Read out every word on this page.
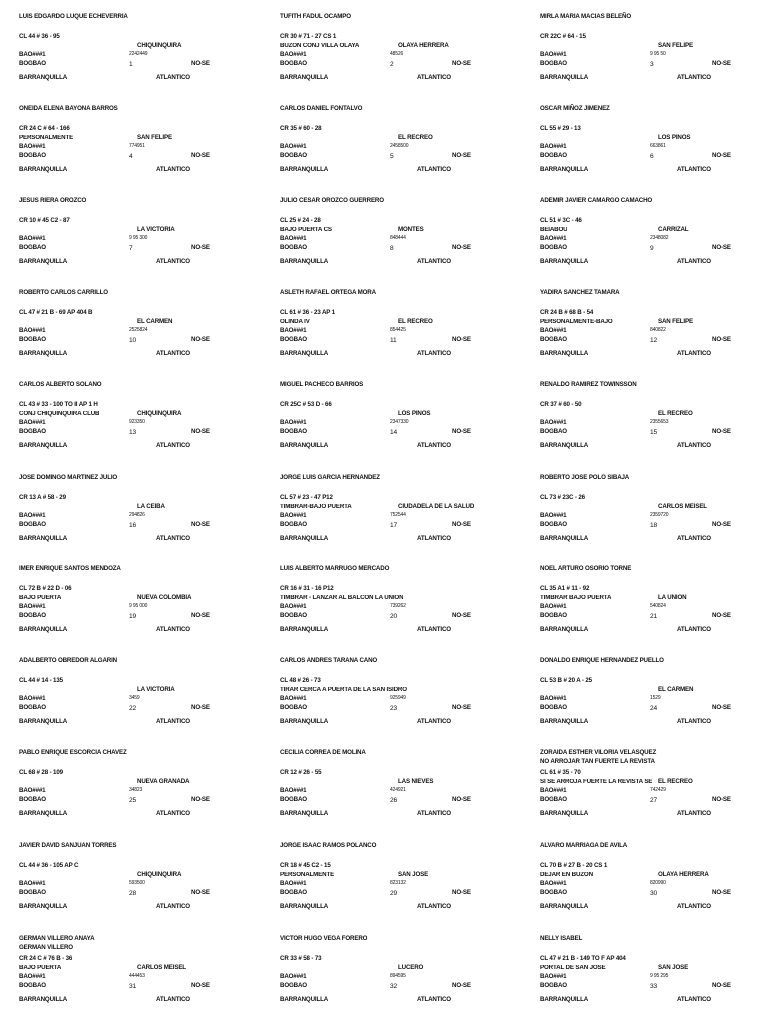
LUIS EDGARDO LUQUE ECHEVERRIA
CL 44 # 36 - 95
CHIQUINQUIRA
BAO###1	2242449
BOGBAO	1	NO-SE
BARRANQUILLA	ATLANTICO
TUFITH FADUL OCAMPO
CR 30 # 71 - 27 CS 1
BUZON CONJ VILLA OLAYA	OLAYA HERRERA
BAO###1	48526
BOGBAO	2	NO-SE
BARRANQUILLA	ATLANTICO
MIRLA MARIA MACIAS BELEÑO
CR 22C # 64 - 15
SAN FELIPE
BAO###1	9 95 50
BOGBAO	3	NO-SE
BARRANQUILLA	ATLANTICO
ONEIDA ELENA BAYONA BARROS
CR 24 C # 64 - 166
PERSONALMENTE	SAN FELIPE
BAO###1	774951
BOGBAO	4	NO-SE
BARRANQUILLA	ATLANTICO
CARLOS DANIEL FONTALVO
CR 35 # 60 - 28
EL RECREO
BAO###1	2458500
BOGBAO	5	NO-SE
BARRANQUILLA	ATLANTICO
OSCAR MIÑOZ JIMENEZ
CL 55 # 29 - 13
LOS PINOS
BAO###1	663861
BOGBAO	6	NO-SE
BARRANQUILLA	ATLANTICO
JESUS RIERA OROZCO
CR 10 # 45 C2 - 87
LA VICTORIA
BAO###1	9 95 300
BOGBAO	7	NO-SE
BARRANQUILLA	ATLANTICO
JULIO CESAR OROZCO GUERRERO
CL 25 # 24 - 28
BAJO PUERTA CS	MONTES
BAO###1	848444
BOGBAO	8	NO-SE
BARRANQUILLA	ATLANTICO
ADEMIR JAVIER CAMARGO CAMACHO
CL 51 # 3C - 46
BEIABOU	CARRIZAL
BAO###1	2348082
BOGBAO	9	NO-SE
BARRANQUILLA	ATLANTICO
ROBERTO CARLOS CARRILLO
CL 47 # 21 B - 69 AP 404 B
EL CARMEN
BAO###1	2525824
BOGBAO	10	NO-SE
BARRANQUILLA	ATLANTICO
ASLETH RAFAEL ORTEGA MORA
CL 61 # 36 - 23 AP 1
OLINDA IV	EL RECREO
BAO###1	854425
BOGBAO	11	NO-SE
BARRANQUILLA	ATLANTICO
YADIRA SANCHEZ TAMARA
CR 24 B # 68 B - 54
PERSONALMENTE-BAJO	SAN FELIPE
BAO###1	840822
BOGBAO	12	NO-SE
BARRANQUILLA	ATLANTICO
CARLOS ALBERTO SOLANO
CL 43 # 33 - 100 TO II AP 1 H
CONJ CHIQUINQUIRA CLUB	CHIQUINQUIRA
BAO###1	923350
BOGBAO	13	NO-SE
BARRANQUILLA	ATLANTICO
MIGUEL PACHECO BARRIOS
CR 25C # 53 D - 66
LOS PINOS
BAO###1	2347330
BOGBAO	14	NO-SE
BARRANQUILLA	ATLANTICO
RENALDO RAMIREZ TOWINSSON
CR 37 # 60 - 50
EL RECREO
BAO###1	2355653
BOGBAO	15	NO-SE
BARRANQUILLA	ATLANTICO
JOSE DOMINGO MARTINEZ JULIO
CR 13 A # 58 - 29
LA CEIBA
BAO###1	294826
BOGBAO	16	NO-SE
BARRANQUILLA	ATLANTICO
JORGE LUIS GARCIA HERNANDEZ
CL 57 # 23 - 47 P12
TIMBRAR-BAJO PUERTA	CIUDADELA DE LA SALUD
BAO###1	752544
BOGBAO	17	NO-SE
BARRANQUILLA	ATLANTICO
ROBERTO JOSE POLO SIBAJA
CL 73 # 23C - 26
CARLOS MEISEL
BAO###1	2359720
BOGBAO	18	NO-SE
BARRANQUILLA	ATLANTICO
IMER ENRIQUE SANTOS MENDOZA
CL 72 B # 22 D - 06
BAJO PUERTA	NUEVA COLOMBIA
BAO###1	9 95 000
BOGBAO	19	NO-SE
BARRANQUILLA	ATLANTICO
LUIS ALBERTO MARRUGO MERCADO
CR 16 # 31 - 16 P12
TIMBRAR - LANZAR AL BALCON LA UNION
BAO###1	739262
BOGBAO	20	NO-SE
BARRANQUILLA	ATLANTICO
NOEL ARTURO OSORIO TORNE
CL 35 A1 # 11 - 92
TIMBRAR BAJO PUERTA	LA UNION
BAO###1	540824
BOGBAO	21	NO-SE
BARRANQUILLA	ATLANTICO
ADALBERTO OBREDOR ALGARIN
CL 44 # 14 - 135
LA VICTORIA
BAO###1	3459
BOGBAO	22	NO-SE
BARRANQUILLA	ATLANTICO
CARLOS ANDRES TARANA CANO
CL 48 # 26 - 73
TIRAR CERCA A PUERTA DE LA SAN ISIDRO
BAO###1	925949
BOGBAO	23	NO-SE
BARRANQUILLA	ATLANTICO
DONALDO ENRIQUE HERNANDEZ PUELLO
CL 53 B # 20 A - 25
EL CARMEN
BAO###1	1529
BOGBAO	24	NO-SE
BARRANQUILLA	ATLANTICO
PABLO ENRIQUE ESCORCIA CHAVEZ
CL 68 # 28 - 109
NUEVA GRANADA
BAO###1	34823
BOGBAO	25	NO-SE
BARRANQUILLA	ATLANTICO
CECILIA CORREA DE MOLINA
CR 12 # 26 - 55
LAS NIEVES
BAO###1	424921
BOGBAO	26	NO-SE
BARRANQUILLA	ATLANTICO
ZORAIDA ESTHER VILORIA VELASQUEZ
NO ARROJAR TAN FUERTE LA REVISTA
CL 61 # 35 - 70
SI SE ARROJA FUERTE LA REVISTA SE EL RECREO
BAO###1	742429
BOGBAO	27	NO-SE
BARRANQUILLA	ATLANTICO
JAVIER DAVID SANJUAN TORRES
CL 44 # 36 - 105 AP C
CHIQUINQUIRA
BAO###1	593500
BOGBAO	28	NO-SE
BARRANQUILLA	ATLANTICO
JORGE ISAAC RAMOS POLANCO
CR 18 # 45 C2 - 15
PERSONALMENTE	SAN JOSE
BAO###1	823132
BOGBAO	29	NO-SE
BARRANQUILLA	ATLANTICO
ALVARO MARRIAGA DE AVILA
CL 70 B # 27 B - 20 CS 1
DEJAR EN BUZON	OLAYA HERRERA
BAO###1	820990
BOGBAO	30	NO-SE
BARRANQUILLA	ATLANTICO
GERMAN VILLERO ANAYA
GERMAN VILLERO
CR 24 C # 76 B - 36
BAJO PUERTA	CARLOS MEISEL
BAO###1	444453
BOGBAO	31	NO-SE
BARRANQUILLA	ATLANTICO
VICTOR HUGO VEGA FORERO
CR 33 # 58 - 73
LUCERO
BAO###1	894595
BOGBAO	32	NO-SE
BARRANQUILLA	ATLANTICO
NELLY ISABEL
CL 47 # 21 B - 149 TO F AP 404
PORTAL DE SAN JOSE	SAN JOSE
BAO###1	9 95 295
BOGBAO	33	NO-SE
BARRANQUILLA	ATLANTICO
